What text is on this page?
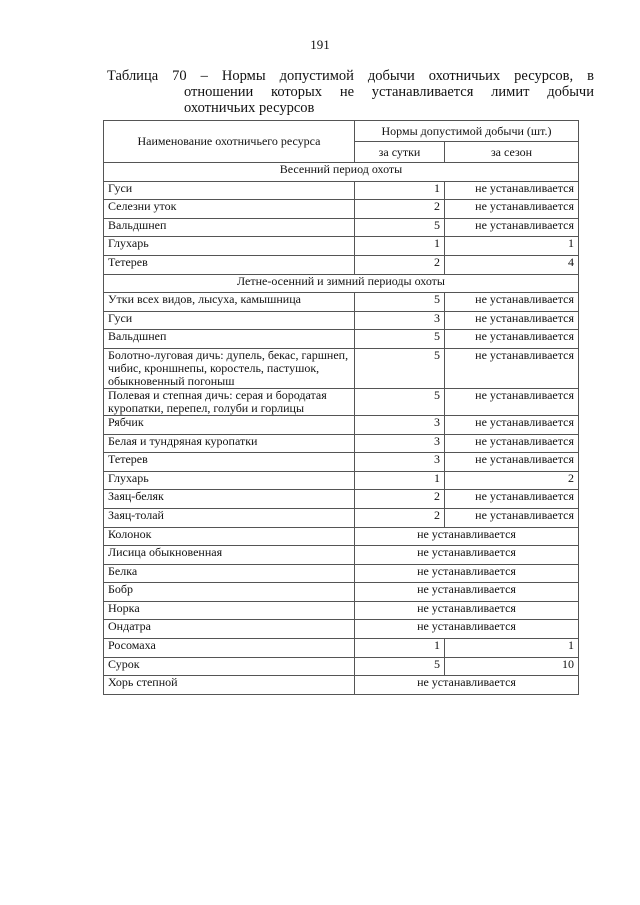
191
Таблица 70 – Нормы допустимой добычи охотничьих ресурсов, в
отношении которых не устанавливается лимит добычи
охотничьих ресурсов
Наименование охотничьего ресурса	Нормы допустимой добычи (шт.)	
	за сутки	за сезон
Весенний период охоты		
Гуси	1	не устанавливается
Селезни уток	2	не устанавливается
Вальдшнеп	5	не устанавливается
Глухарь	1	1
Тетерев	2	4
Летне-осенний и зимний периоды охоты		
Утки всех видов, лысуха, камышница	5	не устанавливается
Гуси	3	не устанавливается
Вальдшнеп	5	не устанавливается
Болотно-луговая дичь: дупель, бекас, гаршнеп, чибис, кроншнепы, коростель, пастушок, обыкновенный погоныш	5	не устанавливается
Полевая и степная дичь: серая и бородатая куропатки, перепел, голуби и горлицы	5	не устанавливается
Рябчик	3	не устанавливается
Белая и тундряная куропатки	3	не устанавливается
Тетерев	3	не устанавливается
Глухарь	1	2
Заяц-беляк	2	не устанавливается
Заяц-толай	2	не устанавливается
Колонок	не устанавливается	
Лисица обыкновенная	не устанавливается	
Белка	не устанавливается	
Бобр	не устанавливается	
Норка	не устанавливается	
Ондатра	не устанавливается	
Росомаха	1	1
Сурок	5	10
Хорь степной	не устанавливается	
